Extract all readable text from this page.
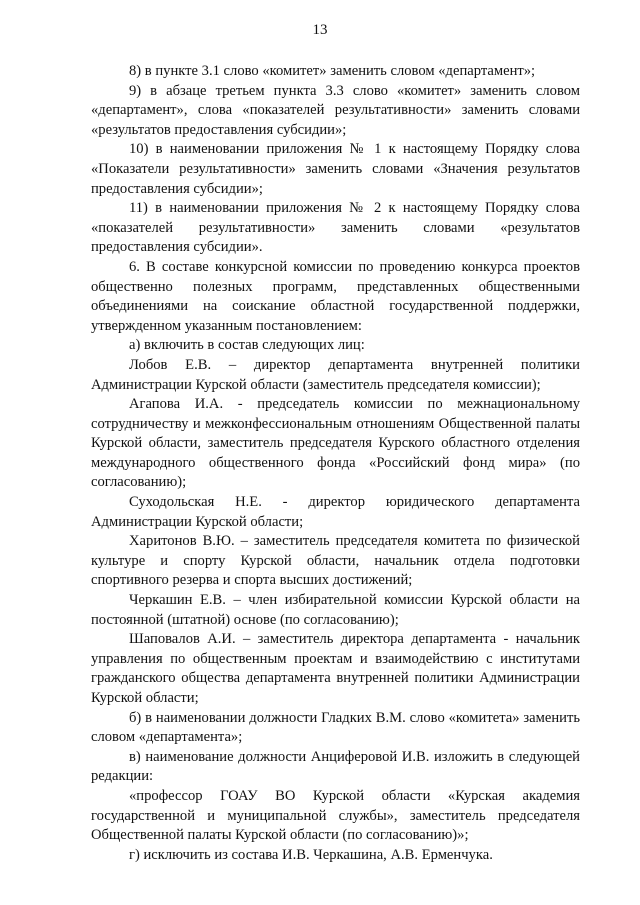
13

8) в пункте 3.1 слово «комитет» заменить словом «департамент»;

9) в абзаце третьем пункта 3.3 слово «комитет» заменить словом «департамент», слова «показателей результативности» заменить словами «результатов предоставления субсидии»;

10) в наименовании приложения № 1 к настоящему Порядку слова «Показатели результативности» заменить словами «Значения результатов предоставления субсидии»;

11) в наименовании приложения № 2 к настоящему Порядку слова «показателей результативности» заменить словами «результатов предоставления субсидии».

6. В составе конкурсной комиссии по проведению конкурса проектов общественно полезных программ, представленных общественными объединениями на соискание областной государственной поддержки, утвержденном указанным постановлением:

а) включить в состав следующих лиц:

Лобов Е.В. – директор департамента внутренней политики Администрации Курской области (заместитель председателя комиссии);

Агапова И.А. - председатель комиссии по межнациональному сотрудничеству и межконфессиональным отношениям Общественной палаты Курской области, заместитель председателя Курского областного отделения международного общественного фонда «Российский фонд мира» (по согласованию);

Суходольская Н.Е. - директор юридического департамента Администрации Курской области;

Харитонов В.Ю. – заместитель председателя комитета по физической культуре и спорту Курской области, начальник отдела подготовки спортивного резерва и спорта высших достижений;

Черкашин Е.В. – член избирательной комиссии Курской области на постоянной (штатной) основе (по согласованию);

Шаповалов А.И. – заместитель директора департамента - начальник управления по общественным проектам и взаимодействию с институтами гражданского общества департамента внутренней политики Администрации Курской области;

б) в наименовании должности Гладких В.М. слово «комитета» заменить словом «департамента»;

в) наименование должности Анциферовой И.В. изложить в следующей редакции:

«профессор ГОАУ ВО Курской области «Курская академия государственной и муниципальной службы», заместитель председателя Общественной палаты Курской области (по согласованию)»;

г) исключить из состава И.В. Черкашина, А.В. Ерменчука.
